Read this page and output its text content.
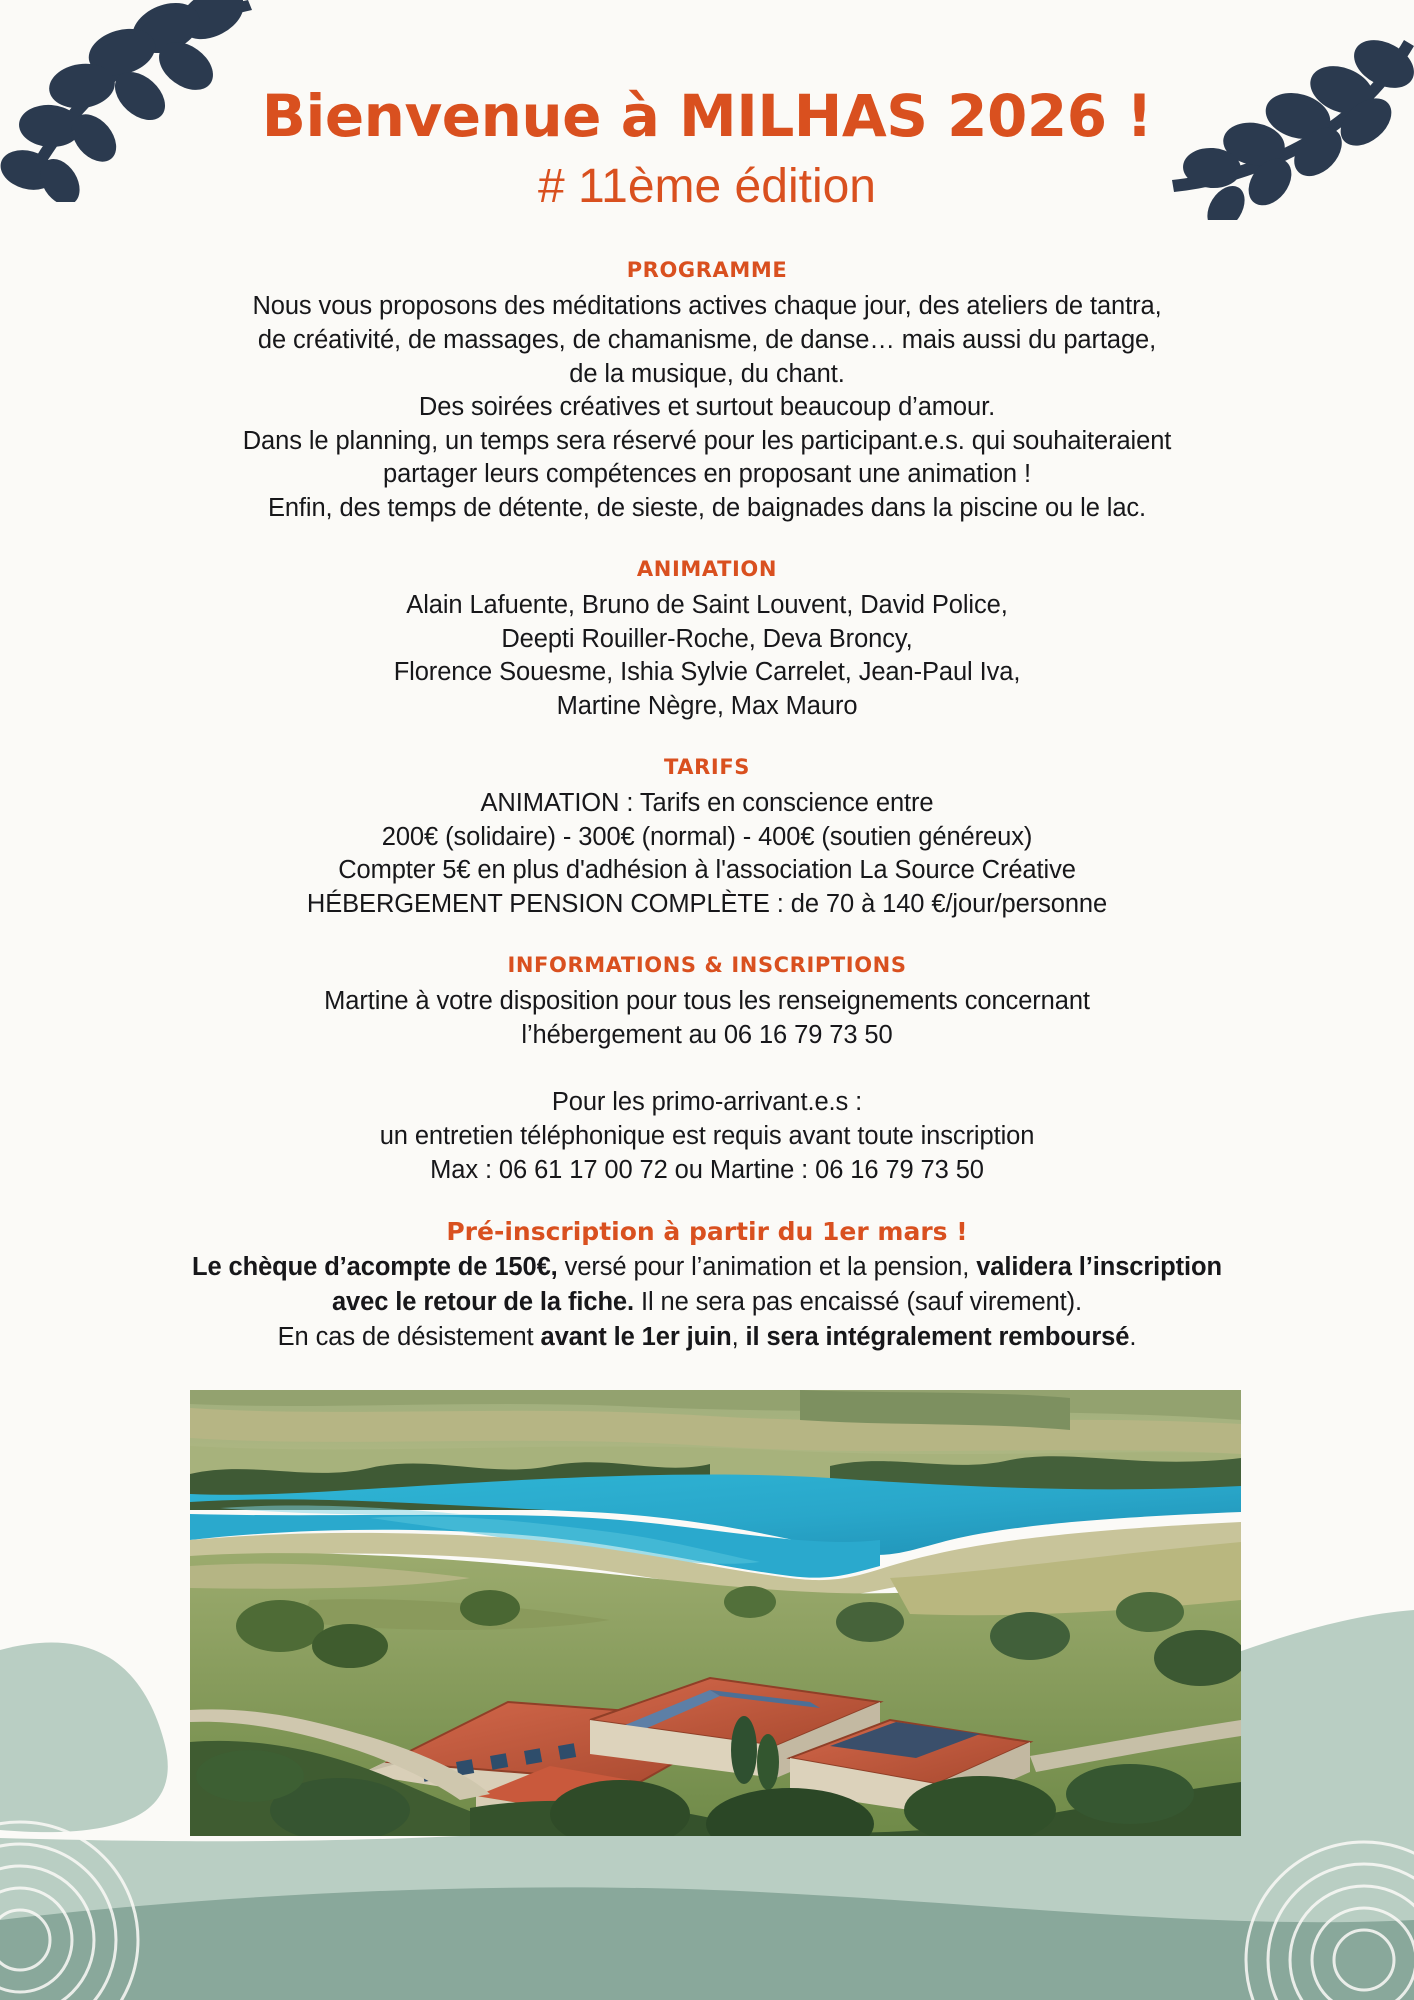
Bienvenue à MILHAS 2026 !
# 11ème édition
PROGRAMME

Nous vous proposons des méditations actives chaque jour, des ateliers de tantra,

de créativité, de massages, de chamanisme, de danse… mais aussi du partage,

de la musique, du chant.

Des soirées créatives et surtout beaucoup d’amour.

Dans le planning, un temps sera réservé pour les participant.e.s. qui souhaiteraient

partager leurs compétences en proposant une animation !

Enfin, des temps de détente, de sieste, de baignades dans la piscine ou le lac.

ANIMATION

Alain Lafuente, Bruno de Saint Louvent, David Police,

Deepti Rouiller-Roche, Deva Broncy,

Florence Souesme, Ishia Sylvie Carrelet, Jean-Paul Iva,

Martine Nègre, Max Mauro

TARIFS

ANIMATION : Tarifs en conscience entre

200€ (solidaire) - 300€ (normal) - 400€ (soutien généreux)

Compter 5€ en plus d'adhésion à l'association La Source Créative

HÉBERGEMENT PENSION COMPLÈTE : de 70 à 140 €/jour/personne

INFORMATIONS & INSCRIPTIONS

Martine à votre disposition pour tous les renseignements concernant

l’hébergement au 06 16 79 73 50

Pour les primo-arrivant.e.s :

un entretien téléphonique est requis avant toute inscription

Max : 06 61 17 00 72 ou Martine : 06 16 79 73 50

Pré-inscription à partir du 1er mars !

Le chèque d’acompte de 150€, versé pour l’animation et la pension, validera l’inscription

avec le retour de la fiche. Il ne sera pas encaissé (sauf virement).

En cas de désistement avant le 1er juin, il sera intégralement remboursé.
